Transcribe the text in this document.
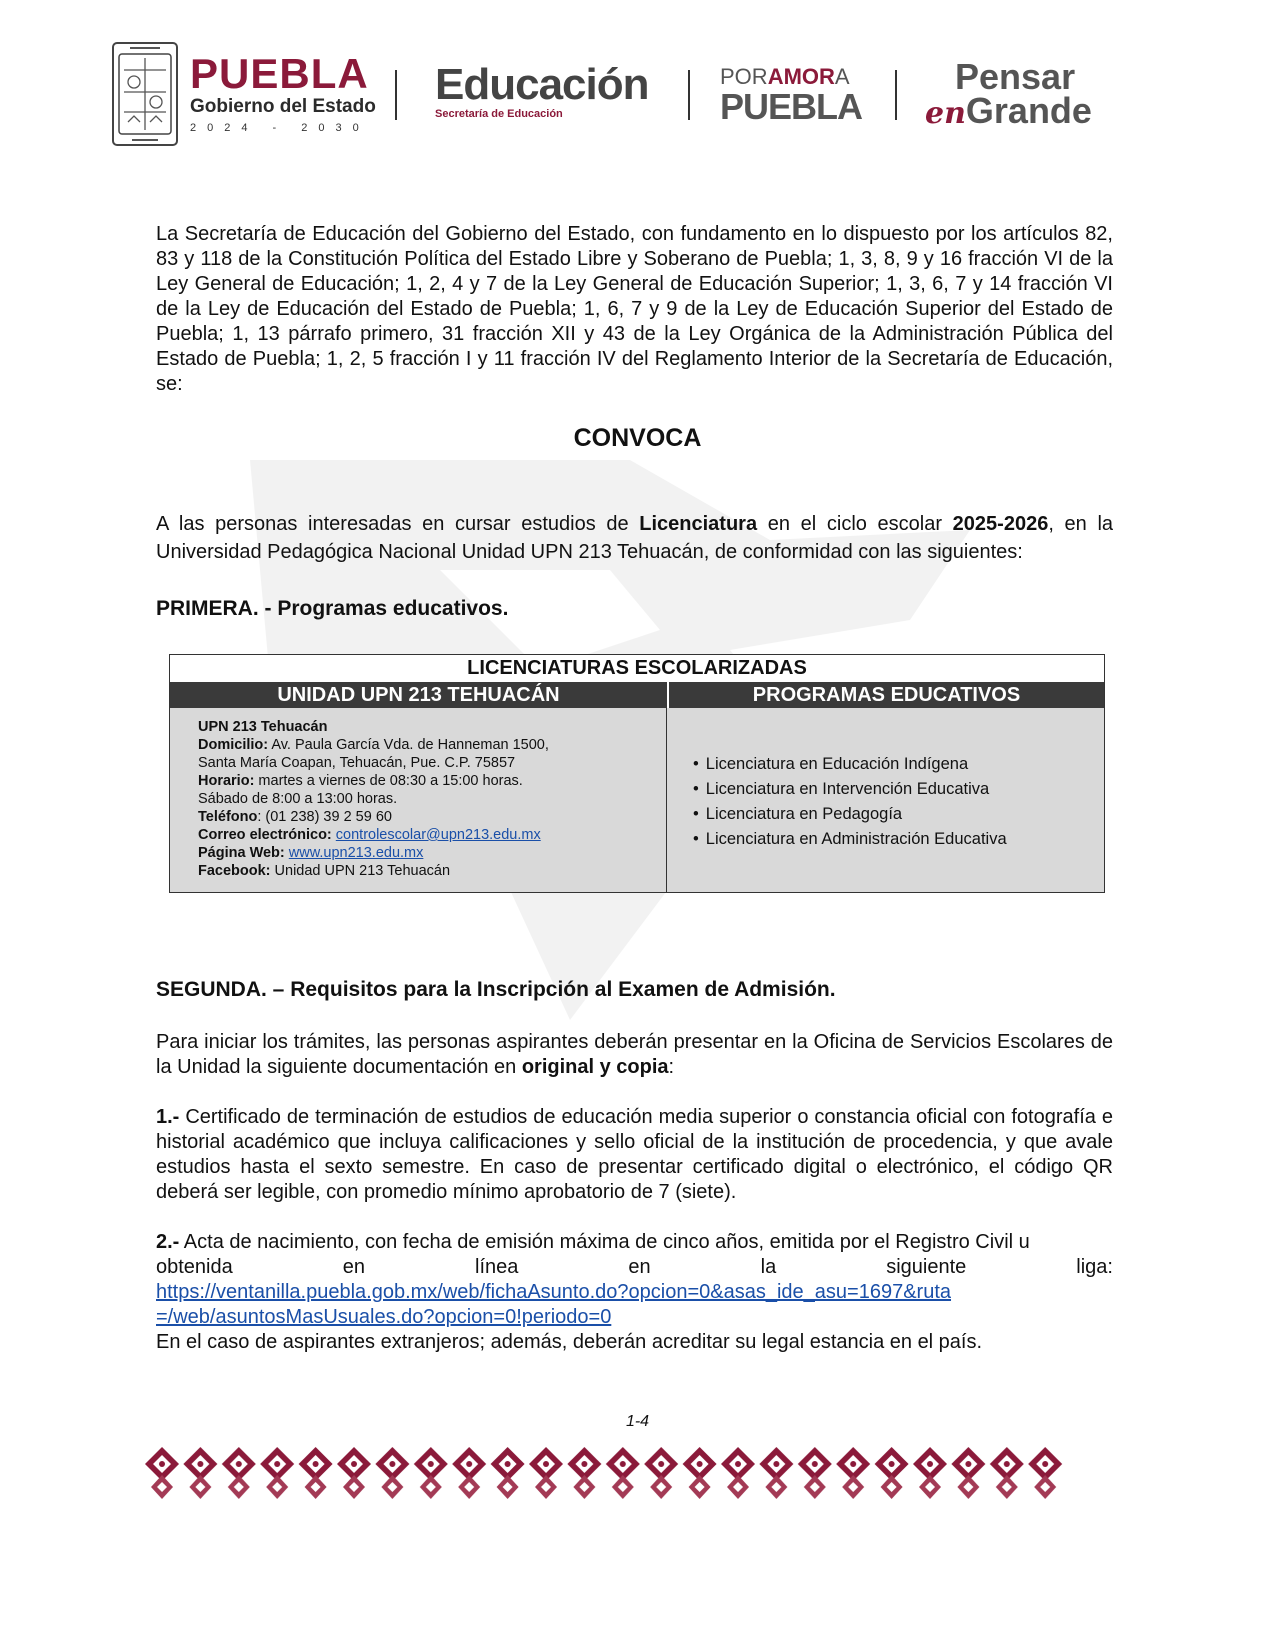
PUEBLA
Gobierno del Estado
2024 - 2030
Educación
Secretaría de Educación
PORAMORA
PUEBLA
Pensar
enGrande
La Secretaría de Educación del Gobierno del Estado, con fundamento en lo dispuesto por los artículos 82, 83 y 118 de la Constitución Política del Estado Libre y Soberano de Puebla; 1, 3, 8, 9 y 16 fracción VI de la Ley General de Educación; 1, 2, 4 y 7 de la Ley General de Educación Superior; 1, 3, 6, 7 y 14 fracción VI de la Ley de Educación del Estado de Puebla; 1, 6, 7 y 9 de la Ley de Educación Superior del Estado de Puebla; 1, 13 párrafo primero, 31 fracción XII y 43 de la Ley Orgánica de la Administración Pública del Estado de Puebla; 1, 2, 5 fracción I y 11 fracción IV del Reglamento Interior de la Secretaría de Educación, se:
CONVOCA
A las personas interesadas en cursar estudios de Licenciatura en el ciclo escolar 2025-2026, en la Universidad Pedagógica Nacional Unidad UPN 213 Tehuacán, de conformidad con las siguientes:
PRIMERA. - Programas educativos.
LICENCIATURAS ESCOLARIZADAS
UNIDAD UPN 213 TEHUACÁN	PROGRAMAS EDUCATIVOS
UPN 213 Tehuacán
Domicilio: Av. Paula García Vda. de Hanneman 1500,
Santa María Coapan, Tehuacán, Pue. C.P. 75857
Horario: martes a viernes de 08:30 a 15:00 horas.
Sábado de 8:00 a 13:00 horas.
Teléfono: (01 238) 39 2 59 60
Correo electrónico: controlescolar@upn213.edu.mx
Página Web: www.upn213.edu.mx
Facebook: Unidad UPN 213 Tehuacán
• Licenciatura en Educación Indígena
• Licenciatura en Intervención Educativa
• Licenciatura en Pedagogía
• Licenciatura en Administración Educativa
SEGUNDA. – Requisitos para la Inscripción al Examen de Admisión.
Para iniciar los trámites, las personas aspirantes deberán presentar en la Oficina de Servicios Escolares de la Unidad la siguiente documentación en original y copia:
1.- Certificado de terminación de estudios de educación media superior o constancia oficial con fotografía e historial académico que incluya calificaciones y sello oficial de la institución de procedencia, y que avale estudios hasta el sexto semestre. En caso de presentar certificado digital o electrónico, el código QR deberá ser legible, con promedio mínimo aprobatorio de 7 (siete).
2.- Acta de nacimiento, con fecha de emisión máxima de cinco años, emitida por el Registro Civil u
obtenida en línea en la siguiente liga:
https://ventanilla.puebla.gob.mx/web/fichaAsunto.do?opcion=0&asas_ide_asu=1697&ruta
=/web/asuntosMasUsuales.do?opcion=0!periodo=0
En el caso de aspirantes extranjeros; además, deberán acreditar su legal estancia en el país.
1-4
